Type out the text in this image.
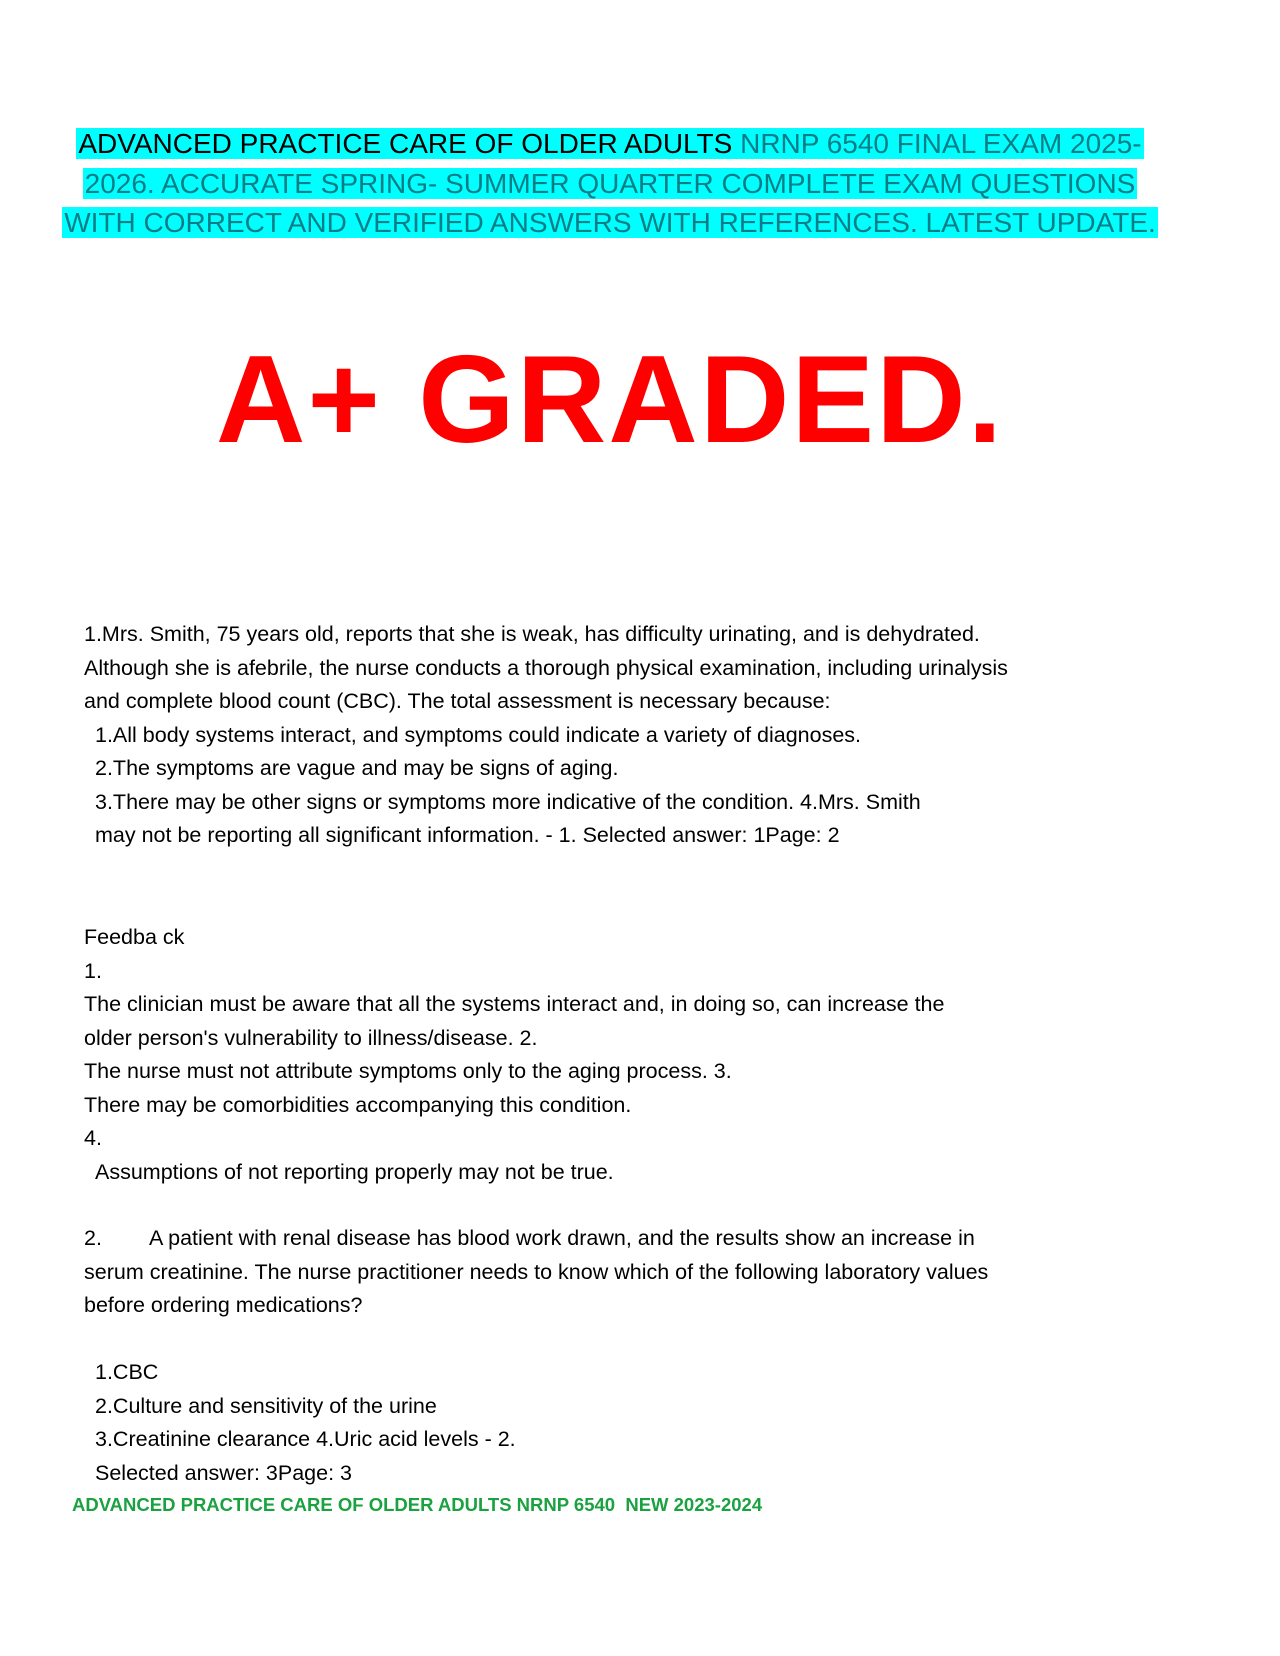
ADVANCED PRACTICE CARE OF OLDER ADULTS NRNP 6540 FINAL EXAM 2025-2026. ACCURATE SPRING- SUMMER QUARTER COMPLETE EXAM QUESTIONS WITH CORRECT AND VERIFIED ANSWERS WITH REFERENCES. LATEST UPDATE.
A+ GRADED.

1.Mrs. Smith, 75 years old, reports that she is weak, has difficulty urinating, and is dehydrated.

Although she is afebrile, the nurse conducts a thorough physical examination, including urinalysis

and complete blood count (CBC). The total assessment is necessary because:

1.All body systems interact, and symptoms could indicate a variety of diagnoses.

2.The symptoms are vague and may be signs of aging.

3.There may be other signs or symptoms more indicative of the condition. 4.Mrs. Smith

may not be reporting all significant information. - 1. Selected answer: 1Page: 2

Feedba ck

1.

The clinician must be aware that all the systems interact and, in doing so, can increase the

older person's vulnerability to illness/disease. 2.

The nurse must not attribute symptoms only to the aging process. 3.

There may be comorbidities accompanying this condition.

4.

Assumptions of not reporting properly may not be true.

2. A patient with renal disease has blood work drawn, and the results show an increase in

serum creatinine. The nurse practitioner needs to know which of the following laboratory values

before ordering medications?

1.CBC

2.Culture and sensitivity of the urine

3.Creatinine clearance 4.Uric acid levels - 2.

Selected answer: 3Page: 3

ADVANCED PRACTICE CARE OF OLDER ADULTS NRNP 6540  NEW 2023-2024
